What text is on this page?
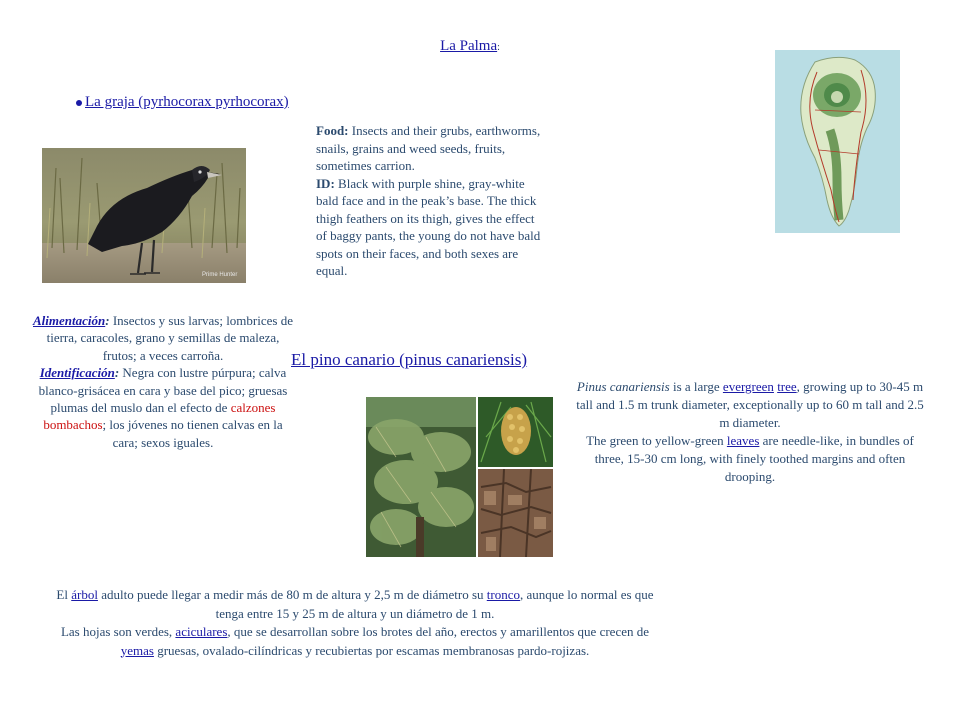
La Palma:
La graja (pyrhocorax pyrhocorax)
Prime Hunter
Food: Insects and their grubs, earthworms, snails, grains and weed seeds, fruits, sometimes carrion.
ID: Black with purple shine, gray-white bald face and in the peak’s base. The thick thigh feathers on its thigh, gives the effect of baggy pants, the young do not have bald spots on their faces, and both sexes are equal.
Alimentación: Insectos y sus larvas; lombrices de tierra, caracoles, grano y semillas de maleza, frutos; a veces carroña.
Identificación: Negra con lustre púrpura; calva blanco-grisácea en cara y base del pico; gruesas plumas del muslo dan el efecto de calzones bombachos; los jóvenes no tienen calvas en la cara; sexos iguales.
El pino canario (pinus canariensis)
Pinus canariensis is a large evergreen tree, growing up to 30-45 m tall and 1.5 m trunk diameter, exceptionally up to 60 m tall and 2.5 m diameter.
The green to yellow-green leaves are needle-like, in bundles of three, 15-30 cm long, with finely toothed margins and often drooping.
El árbol adulto puede llegar a medir más de 80 m de altura y 2,5 m de diámetro su tronco, aunque lo normal es que tenga entre 15 y 25 m de altura y un diámetro de 1 m.
Las hojas son verdes, aciculares, que se desarrollan sobre los brotes del año, erectos y amarillentos que crecen de yemas gruesas, ovalado-cilíndricas y recubiertas por escamas membranosas pardo-rojizas.
